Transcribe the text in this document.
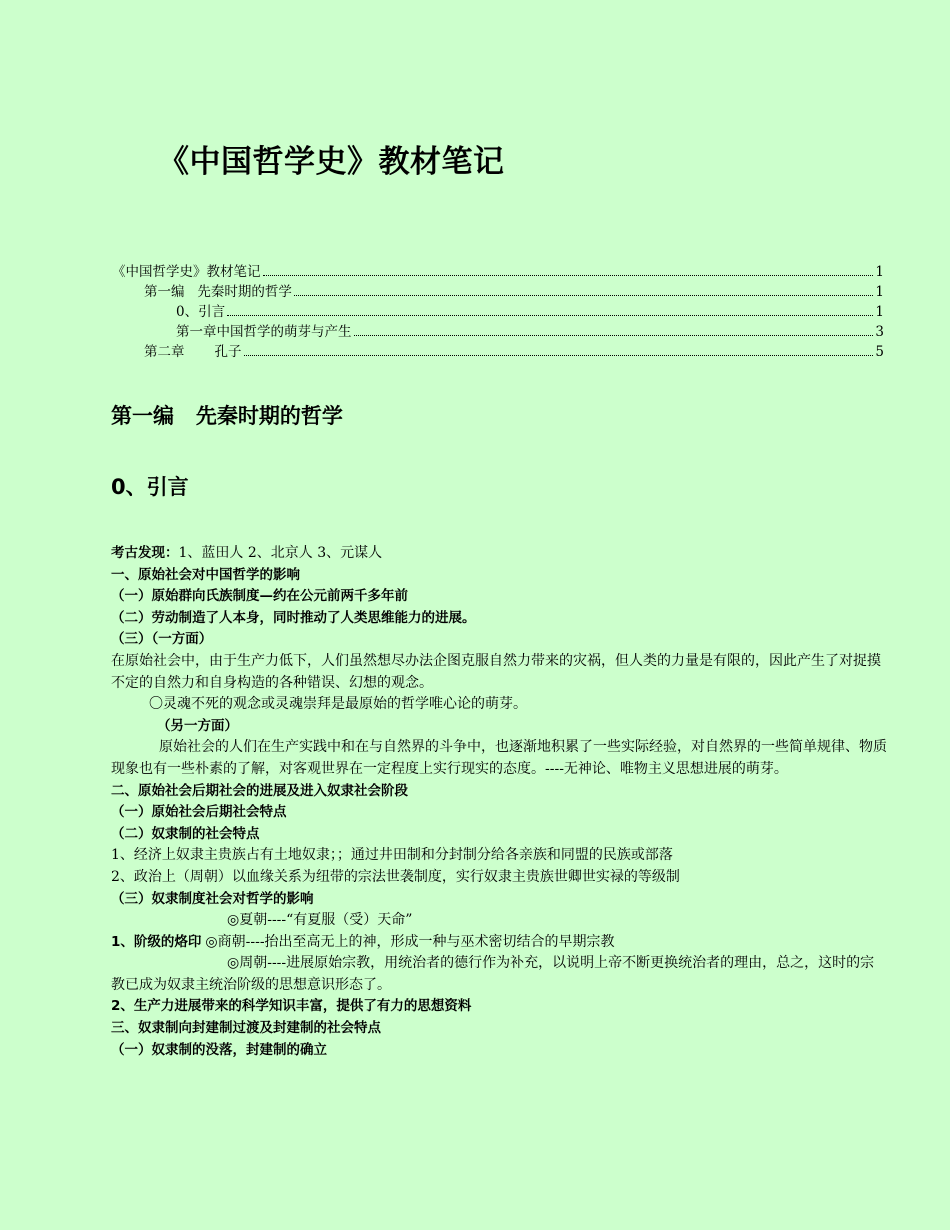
《中国哲学史》教材笔记
《中国哲学史》教材笔记	1
第一编   先秦时期的哲学	1
0、引言	1
第一章中国哲学的萌芽与产生	3
第二章       孔子	5
第一编   先秦时期的哲学
0、引言
考古发现：1、蓝田人 2、北京人 3、元谋人
一、原始社会对中国哲学的影响
（一）原始群向氏族制度—约在公元前两千多年前
（二）劳动制造了人本身，同时推动了人类思维能力的进展。
（三）（一方面）
在原始社会中，由于生产力低下，人们虽然想尽办法企图克服自然力带来的灾祸，但人类的力量是有限的，因此产生了对捉摸不定的自然力和自身构造的各种错误、幻想的观念。
〇灵魂不死的观念或灵魂崇拜是最原始的哲学唯心论的萌芽。
（另一方面）
原始社会的人们在生产实践中和在与自然界的斗争中，也逐渐地积累了一些实际经验，对自然界的一些简单规律、物质现象也有一些朴素的了解，对客观世界在一定程度上实行现实的态度。----无神论、唯物主义思想进展的萌芽。
二、原始社会后期社会的进展及进入奴隶社会阶段
（一）原始社会后期社会特点
（二）奴隶制的社会特点
1、经济上奴隶主贵族占有土地奴隶；；通过井田制和分封制分给各亲族和同盟的民族或部落
2、政治上（周朝）以血缘关系为纽带的宗法世袭制度，实行奴隶主贵族世卿世实禄的等级制
（三）奴隶制度社会对哲学的影响
◎夏朝----“有夏服（受）天命”
1、阶级的烙印 ◎商朝----抬出至高无上的神，形成一种与巫术密切结合的早期宗教
◎周朝----进展原始宗教，用统治者的德行作为补充，以说明上帝不断更换统治者的理由，总之，这时的宗教已成为奴隶主统治阶级的思想意识形态了。
2、生产力进展带来的科学知识丰富，提供了有力的思想资料
三、奴隶制向封建制过渡及封建制的社会特点
（一）奴隶制的没落，封建制的确立
